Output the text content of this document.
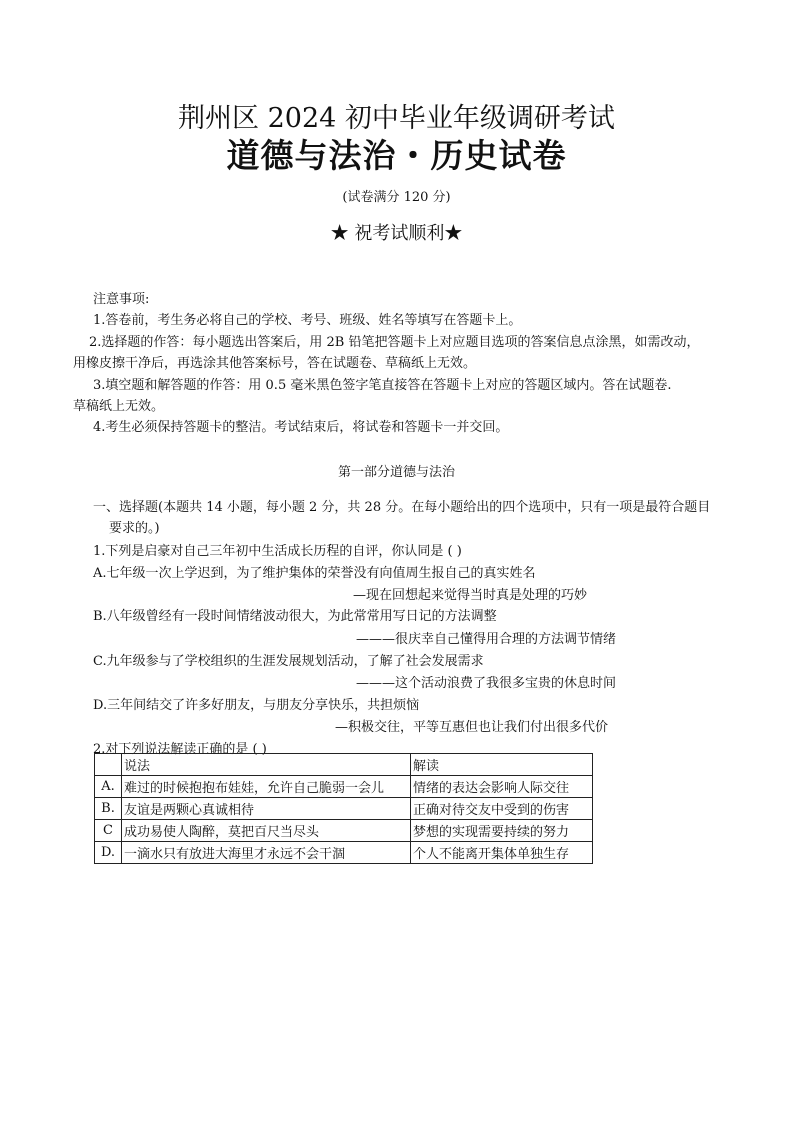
荆州区 2024 初中毕业年级调研考试
道德与法治・历史试卷
(试卷满分 120 分)
★ 祝考试顺利★
注意事项:
1.答卷前，考生务必将自己的学校、考号、班级、姓名等填写在答题卡上。
2.选择题的作答：每小题选出答案后，用 2B 铅笔把答题卡上对应题目选项的答案信息点涂黑，如需改动，
用橡皮擦干净后，再选涂其他答案标号，答在试题卷、草稿纸上无效。
3.填空题和解答题的作答：用 0.5 毫米黑色签字笔直接答在答题卡上对应的答题区域内。答在试题卷.
草稿纸上无效。
4.考生必须保持答题卡的整洁。考试结束后，将试卷和答题卡一并交回。
第一部分道德与法治
一、选择题(本题共 14 小题，每小题 2 分，共 28 分。在每小题给出的四个选项中，只有一项是最符合题目
要求的。)
1.下列是启豪对自己三年初中生活成长历程的自评，你认同是 ( )
A.七年级一次上学迟到，为了维护集体的荣誉没有向值周生报自己的真实姓名
—现在回想起来觉得当时真是处理的巧妙
B.八年级曾经有一段时间情绪波动很大，为此常常用写日记的方法调整
———很庆幸自己懂得用合理的方法调节情绪
C.九年级参与了学校组织的生涯发展规划活动，了解了社会发展需求
———这个活动浪费了我很多宝贵的休息时间
D.三年间结交了许多好朋友，与朋友分享快乐，共担烦恼
—积极交往，平等互惠但也让我们付出很多代价
2.对下列说法解读正确的是 ( )
	说法	解读
A.	难过的时候抱抱布娃娃，允许自己脆弱一会儿	情绪的表达会影响人际交往
B.	友谊是两颗心真诚相待	正确对待交友中受到的伤害
C	成功易使人陶醉，莫把百尺当尽头	梦想的实现需要持续的努力
D.	一滴水只有放进大海里才永远不会干涸	个人不能离开集体单独生存
